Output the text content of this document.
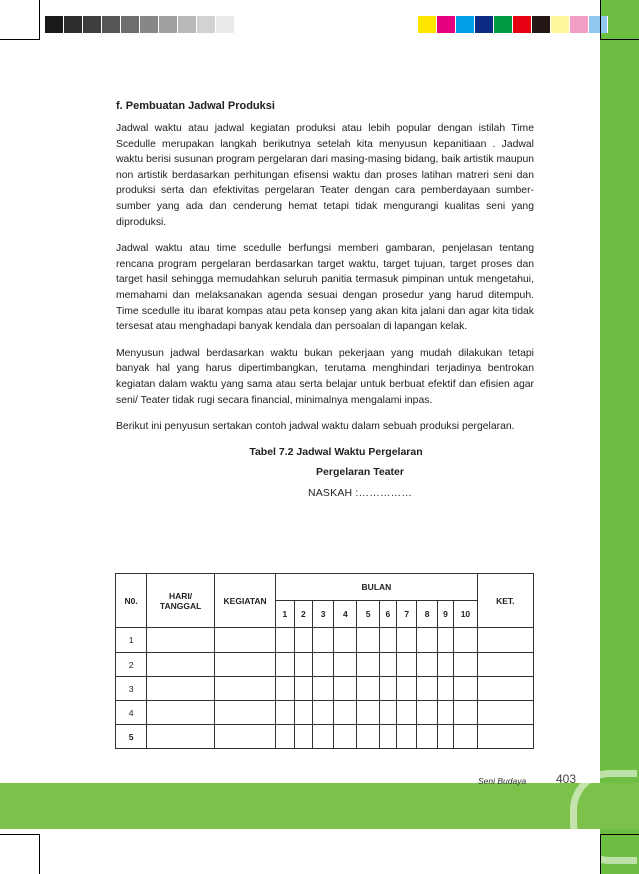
f. Pembuatan Jadwal Produksi

Jadwal waktu atau jadwal kegiatan produksi atau lebih popular dengan istilah Time Scedulle merupakan langkah berikutnya setelah kita menyusun kepanitiaan . Jadwal waktu berisi susunan program pergelaran dari masing-masing bidang, baik artistik maupun non artistik berdasarkan perhitungan efisensi waktu dan proses latihan matreri seni dan produksi serta dan efektivitas pergelaran Teater dengan cara pemberdayaan sumber-sumber yang ada dan cenderung hemat tetapi tidak mengurangi kualitas seni yang diproduksi.

Jadwal waktu atau time scedulle berfungsi memberi gambaran, penjelasan tentang rencana program pergelaran berdasarkan target waktu, target tujuan, target proses dan target hasil sehingga memudahkan seluruh panitia termasuk pimpinan untuk mengetahui, memahami dan melaksanakan agenda sesuai dengan prosedur yang harud ditempuh. Time scedulle itu ibarat kompas atau peta konsep yang akan kita jalani dan agar kita tidak tersesat atau menghadapi banyak kendala dan persoalan di lapangan kelak.

Menyusun jadwal berdasarkan waktu bukan pekerjaan yang mudah dilakukan tetapi banyak hal yang harus dipertimbangkan, terutama menghindari terjadinya bentrokan kegiatan dalam waktu yang sama atau serta belajar untuk berbuat efektif dan efisien agar seni/ Teater tidak rugi secara financial, minimalnya mengalami inpas.

Berikut ini penyusun sertakan contoh jadwal waktu dalam sebuah produksi pergelaran.

Tabel 7.2 Jadwal Waktu Pergelaran

Pergelaran Teater

NASKAH :……………

N0.	HARI/ TANGGAL	KEGIATAN	BULAN										KET.
			1	2	3	4	5	6	7	8	9	10	
1													
2													
3													
4													
5													
Seni Budaya 403
